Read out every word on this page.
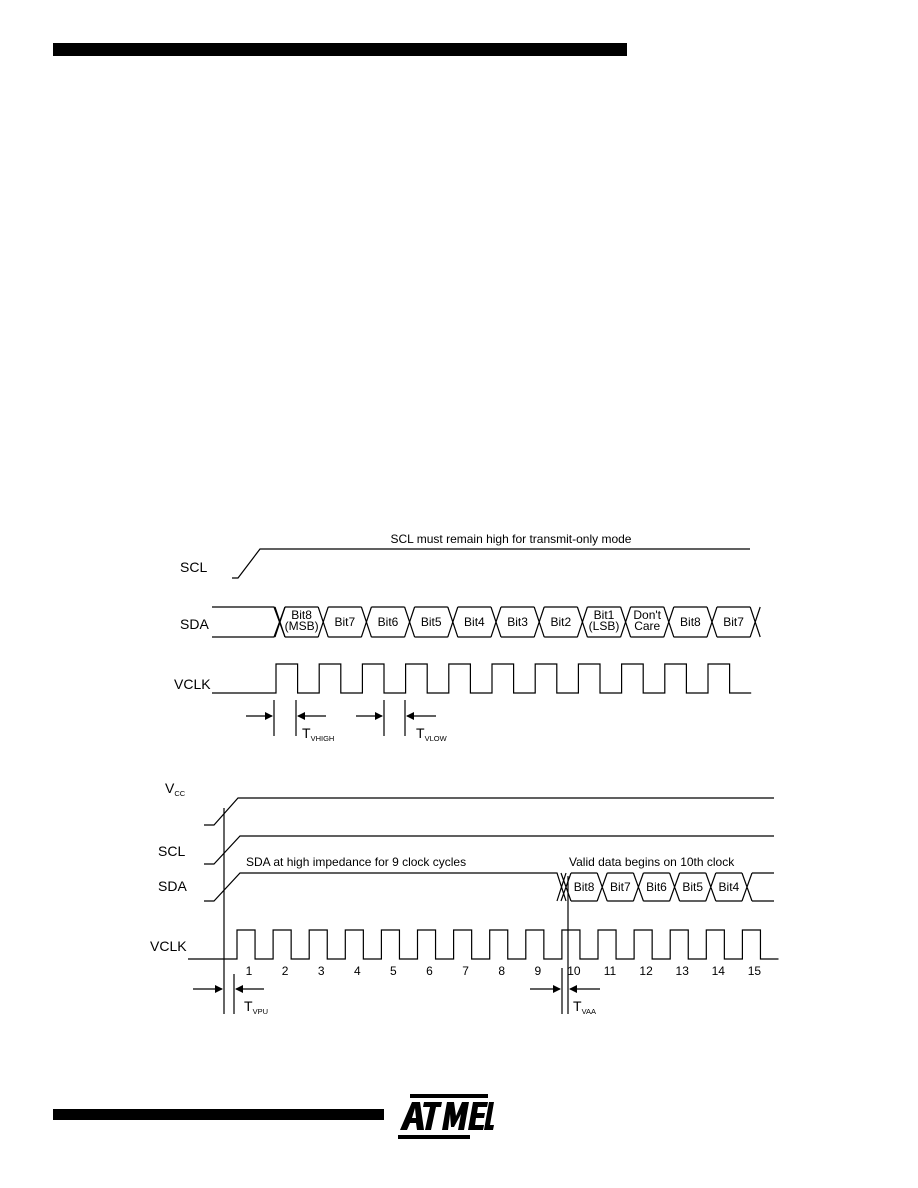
SCL must remain high for transmit-only mode
SCL
SDA
VCLK
Bit8
(MSB) Bit7 Bit6 Bit5 Bit4 Bit3 Bit2 Bit1
(LSB)
Don't
Care Bit8 Bit7
$T_{VHIGH}$	$T_{VLOW}$
$V_{CC}$
SCL
SDA
VCLK
SDA at high impedance for 9 clock cycles	Valid data begins on 10th clock
Bit8 Bit7 Bit6 Bit5 Bit4
1 2 3 4 5 6 7 8 9 10 11 12 13 14 15
$T_{VPU}$	$T_{VAA}$
